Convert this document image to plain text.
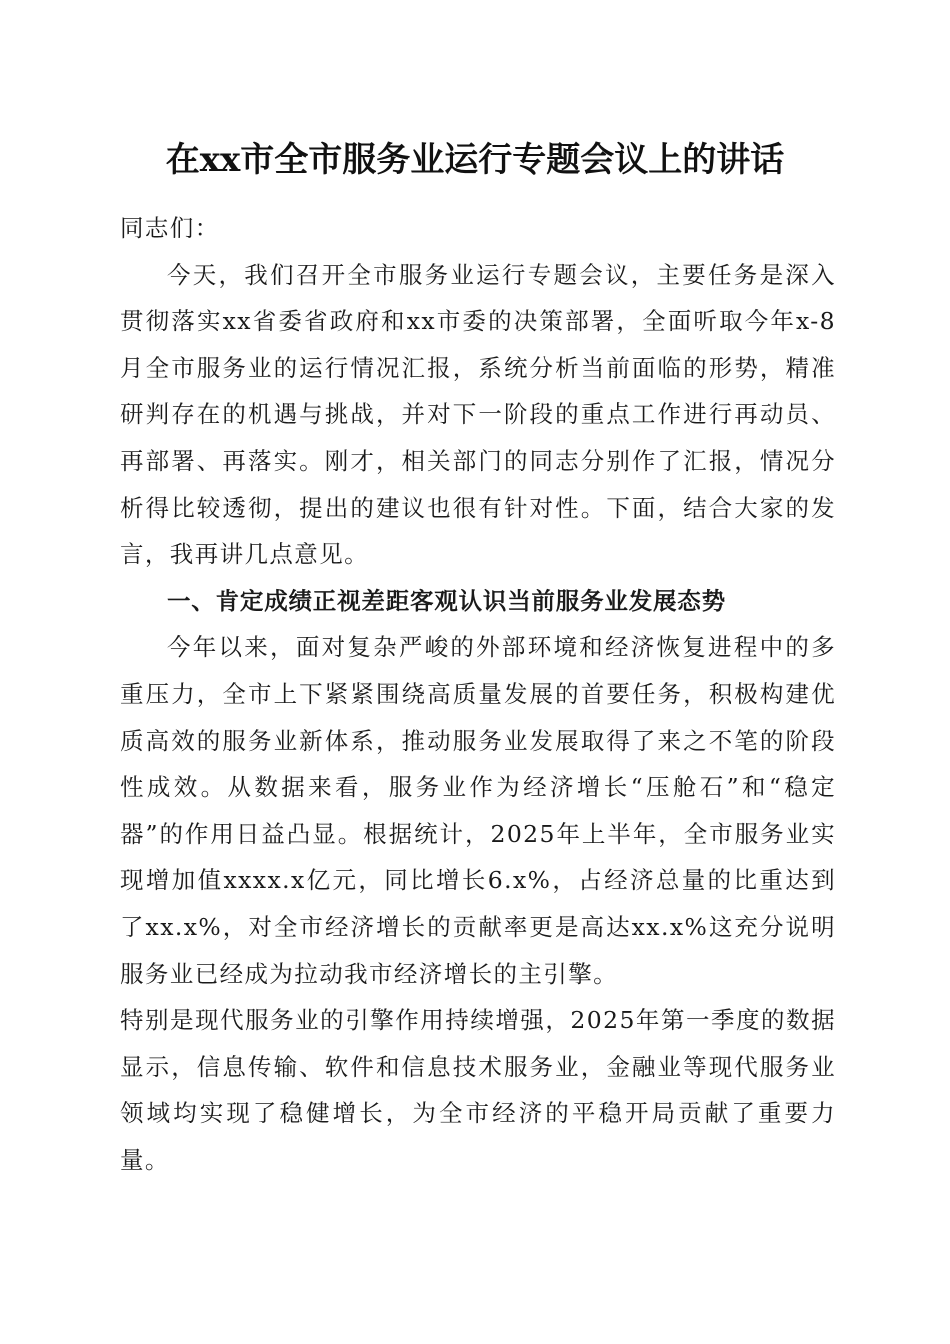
在xx市全市服务业运行专题会议上的讲话

同志们：

今天，我们召开全市服务业运行专题会议，主要任务是深入贯彻落实xx省委省政府和xx市委的决策部署，全面听取今年x-8月全市服务业的运行情况汇报，系统分析当前面临的形势，精准研判存在的机遇与挑战，并对下一阶段的重点工作进行再动员、再部署、再落实。刚才，相关部门的同志分别作了汇报，情况分析得比较透彻，提出的建议也很有针对性。下面，结合大家的发言，我再讲几点意见。

一、肯定成绩正视差距客观认识当前服务业发展态势

今年以来，面对复杂严峻的外部环境和经济恢复进程中的多重压力，全市上下紧紧围绕高质量发展的首要任务，积极构建优质高效的服务业新体系，推动服务业发展取得了来之不笔的阶段性成效。从数据来看，服务业作为经济增长“压舱石”和“稳定器”的作用日益凸显。根据统计，2025年上半年，全市服务业实现增加值xxxx.x亿元，同比增长6.x%，占经济总量的比重达到了xx.x%，对全市经济增长的贡献率更是高达xx.x%这充分说明服务业已经成为拉动我市经济增长的主引擎。

特别是现代服务业的引擎作用持续增强，2025年第一季度的数据显示，信息传输、软件和信息技术服务业，金融业等现代服务业领域均实现了稳健增长，为全市经济的平稳开局贡献了重要力量。
